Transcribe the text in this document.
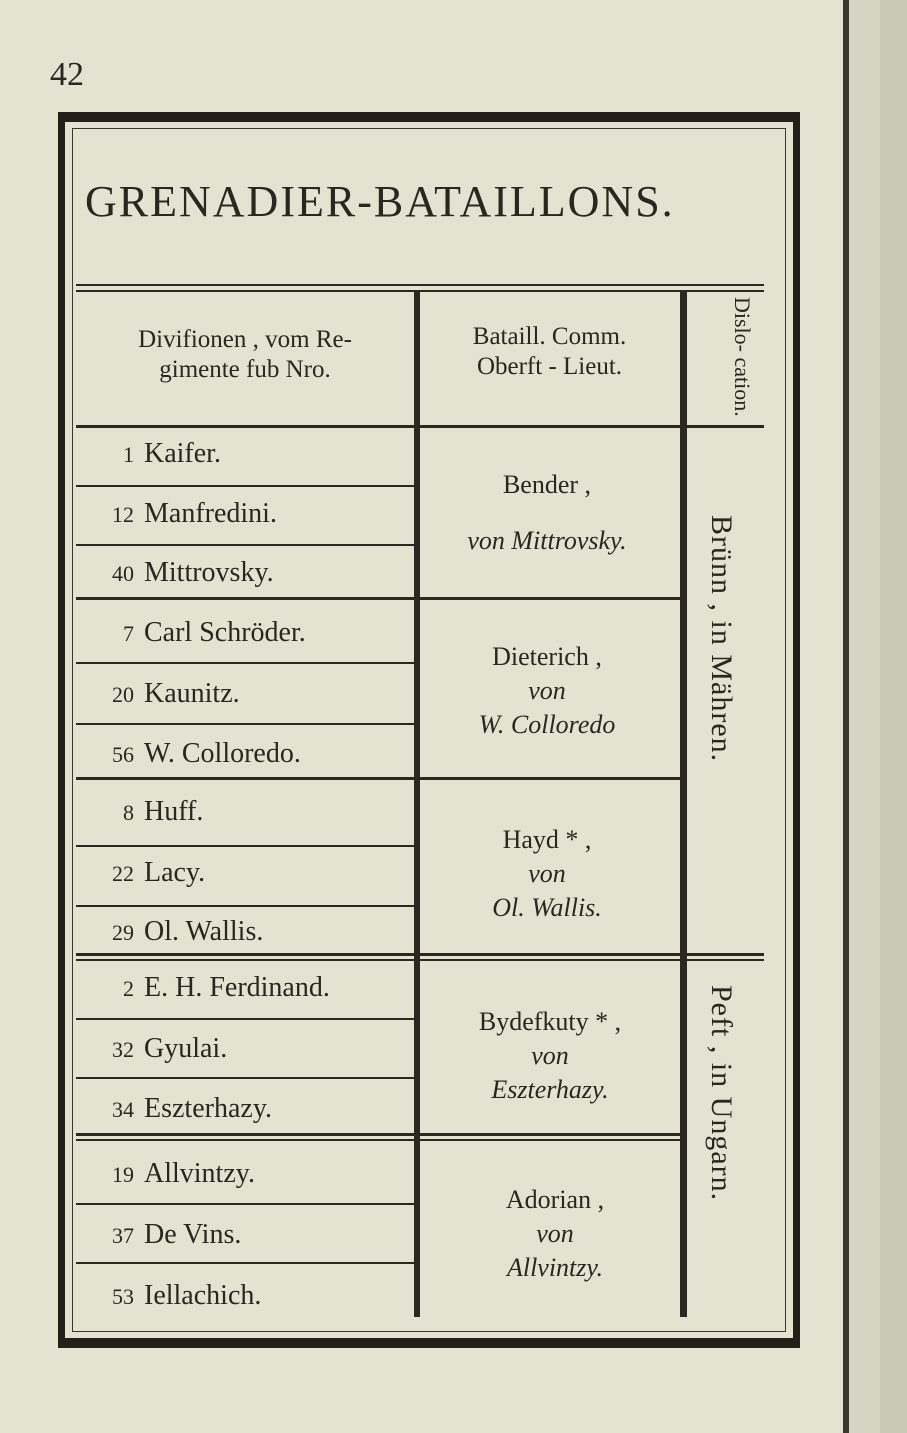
42
GRENADIER-BATAILLONS.
Divifionen , vom Re-
gimente fub Nro.
Bataill. Comm.
Oberft - Lieut.
Dislo- cation.
1 Kaifer.
12 Manfredini.
40 Mittrovsky.
Bender ,
von Mittrovsky.
7 Carl Schröder.
20 Kaunitz.
56 W. Colloredo.
Dieterich ,
von
W. Colloredo
8 Huff.
22 Lacy.
29 Ol. Wallis.
Hayd * ,
von
Ol. Wallis.
2 E. H. Ferdinand.
32 Gyulai.
34 Eszterhazy.
Bydefkuty * ,
von
Eszterhazy.
19 Allvintzy.
37 De Vins.
53 Iellachich.
Adorian ,
von
Allvintzy.
Brünn , in Mähren.
Peft , in Ungarn.
